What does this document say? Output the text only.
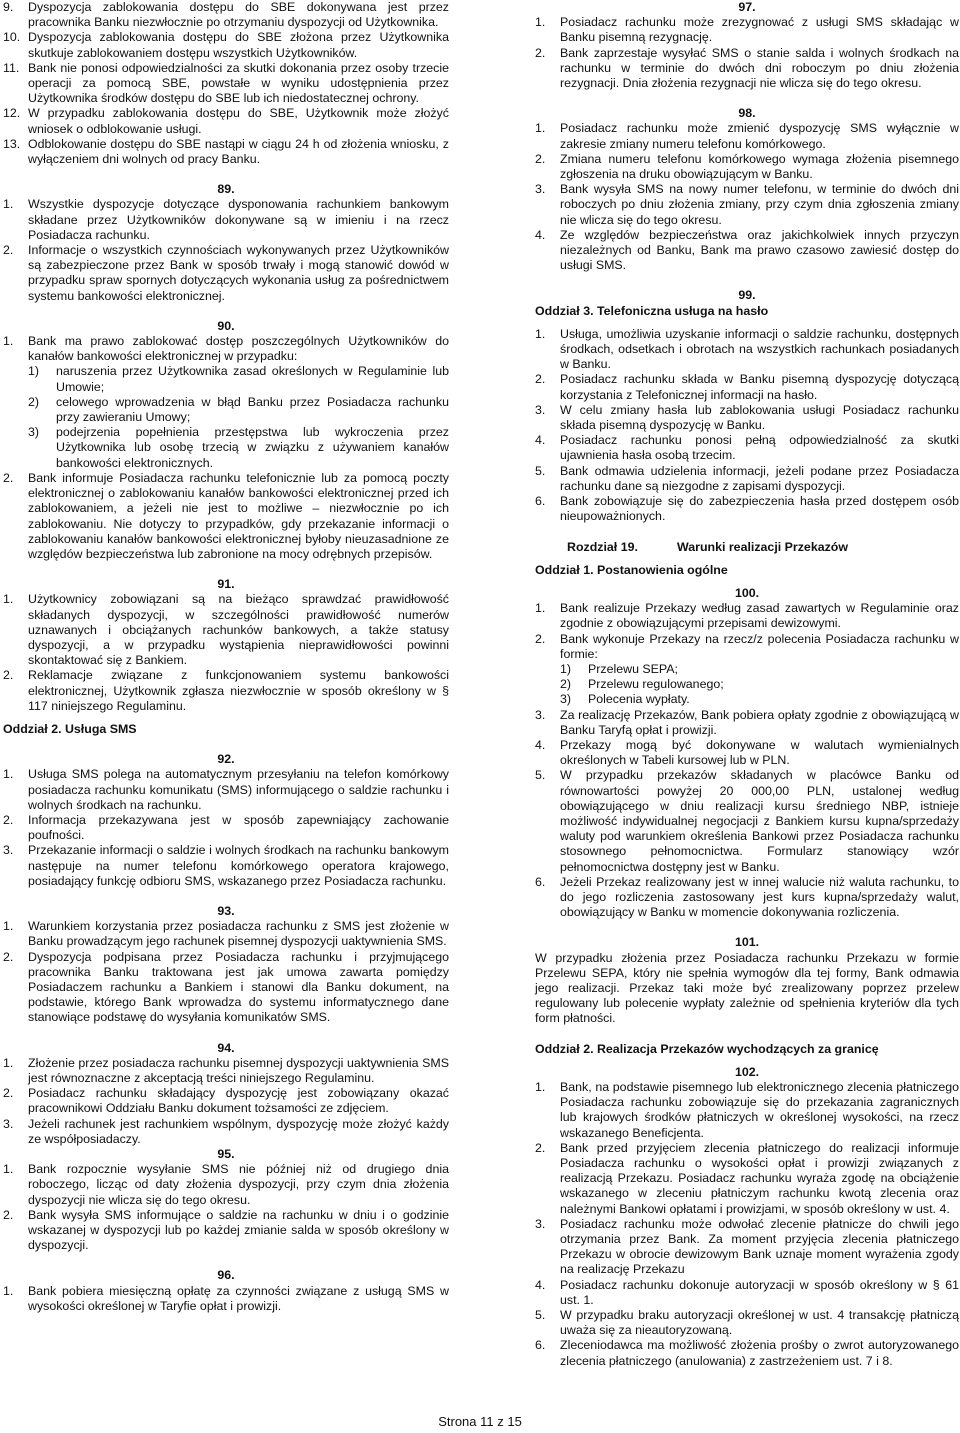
9.	Dyspozycja zablokowania dostępu do SBE dokonywana jest przez pracownika Banku niezwłocznie po otrzymaniu dyspozycji od Użytkownika.
10. Dyspozycja zablokowania dostępu do SBE złożona przez Użytkownika skutkuje zablokowaniem dostępu wszystkich Użytkowników.
11. Bank nie ponosi odpowiedzialności za skutki dokonania przez osoby trzecie operacji za pomocą SBE, powstałe w wyniku udostępnienia przez Użytkownika środków dostępu do SBE lub ich niedostatecznej ochrony.
12. W przypadku zablokowania dostępu do SBE, Użytkownik może złożyć wniosek o odblokowanie usługi.
13. Odblokowanie dostępu do SBE nastąpi w ciągu 24 h od złożenia wniosku, z wyłączeniem dni wolnych od pracy Banku.

89.

1.	Wszystkie dyspozycje dotyczące dysponowania rachunkiem bankowym składane przez Użytkowników dokonywane są w imieniu i na rzecz Posiadacza rachunku.
2.	Informacje o wszystkich czynnościach wykonywanych przez Użytkowników są zabezpieczone przez Bank w sposób trwały i mogą stanowić dowód w przypadku spraw spornych dotyczących wykonania usług za pośrednictwem systemu bankowości elektronicznej.

90.

1.	Bank ma prawo zablokować dostęp poszczególnych Użytkowników do kanałów bankowości elektronicznej w przypadku:
1)	naruszenia przez Użytkownika zasad określonych w Regulaminie lub Umowie;
2)	celowego wprowadzenia w błąd Banku przez Posiadacza rachunku przy zawieraniu Umowy;
3)	podejrzenia popełnienia przestępstwa lub wykroczenia przez Użytkownika lub osobę trzecią w związku z używaniem kanałów bankowości elektronicznych.
2.	Bank informuje Posiadacza rachunku telefonicznie lub za pomocą poczty elektronicznej o zablokowaniu kanałów bankowości elektronicznej przed ich zablokowaniem, a jeżeli nie jest to możliwe – niezwłocznie po ich zablokowaniu. Nie dotyczy to przypadków, gdy przekazanie informacji o zablokowaniu kanałów bankowości elektronicznej byłoby nieuzasadnione ze względów bezpieczeństwa lub zabronione na mocy odrębnych przepisów.

91.

1.	Użytkownicy zobowiązani są na bieżąco sprawdzać prawidłowość składanych dyspozycji, w szczególności prawidłowość numerów uznawanych i obciążanych rachunków bankowych, a także statusy dyspozycji, a w przypadku wystąpienia nieprawidłowości powinni skontaktować się z Bankiem.
2.	Reklamacje związane z funkcjonowaniem systemu bankowości elektronicznej, Użytkownik zgłasza niezwłocznie w sposób określony w § 117 niniejszego Regulaminu.

Oddział 2. Usługa SMS

92.

1.	Usługa SMS polega na automatycznym przesyłaniu na telefon komórkowy posiadacza rachunku komunikatu (SMS) informującego o saldzie rachunku i wolnych środkach na rachunku.
2.	Informacja przekazywana jest w sposób zapewniający zachowanie poufności.
3.	Przekazanie informacji o saldzie i wolnych środkach na rachunku bankowym następuje na numer telefonu komórkowego operatora krajowego, posiadający funkcję odbioru SMS, wskazanego przez Posiadacza rachunku.

93.

1.	Warunkiem korzystania przez posiadacza rachunku z SMS jest złożenie w Banku prowadzącym jego rachunek pisemnej dyspozycji uaktywnienia SMS.
2.	Dyspozycja podpisana przez Posiadacza rachunku i przyjmującego pracownika Banku traktowana jest jak umowa zawarta pomiędzy Posiadaczem rachunku a Bankiem i stanowi dla Banku dokument, na podstawie, którego Bank wprowadza do systemu informatycznego dane stanowiące podstawę do wysyłania komunikatów SMS.

94.

1.	Złożenie przez posiadacza rachunku pisemnej dyspozycji uaktywnienia SMS jest równoznaczne z akceptacją treści niniejszego Regulaminu.
2.	Posiadacz rachunku składający dyspozycję jest zobowiązany okazać pracownikowi Oddziału Banku dokument tożsamości ze zdjęciem.
3.	Jeżeli rachunek jest rachunkiem wspólnym, dyspozycję może złożyć każdy ze współposiadaczy.

95.

1.	Bank rozpocznie wysyłanie SMS nie później niż od drugiego dnia roboczego, licząc od daty złożenia dyspozycji, przy czym dnia złożenia dyspozycji nie wlicza się do tego okresu.
2.	Bank wysyła SMS informujące o saldzie na rachunku w dniu i o godzinie wskazanej w dyspozycji lub po każdej zmianie salda w sposób określony w dyspozycji.

96.

1.	Bank pobiera miesięczną opłatę za czynności związane z usługą SMS w wysokości określonej w Taryfie opłat i prowizji.

97.

1.	Posiadacz rachunku może zrezygnować z usługi SMS składając w Banku pisemną rezygnację.
2.	Bank zaprzestaje wysyłać SMS o stanie salda i wolnych środkach na rachunku w terminie do dwóch dni roboczym po dniu złożenia rezygnacji. Dnia złożenia rezygnacji nie wlicza się do tego okresu.

98.

1.	Posiadacz rachunku może zmienić dyspozycję SMS wyłącznie w zakresie zmiany numeru telefonu komórkowego.
2.	Zmiana numeru telefonu komórkowego wymaga złożenia pisemnego zgłoszenia na druku obowiązującym w Banku.
3.	Bank wysyła SMS na nowy numer telefonu, w terminie do dwóch dni roboczych po dniu złożenia zmiany, przy czym dnia zgłoszenia zmiany nie wlicza się do tego okresu.
4.	Ze względów bezpieczeństwa oraz jakichkolwiek innych przyczyn niezależnych od Banku, Bank ma prawo czasowo zawiesić dostęp do usługi SMS.

99.

Oddział 3. Telefoniczna usługa na hasło

1.	Usługa, umożliwia uzyskanie informacji o saldzie rachunku, dostępnych środkach, odsetkach i obrotach na wszystkich rachunkach posiadanych w Banku.
2.	Posiadacz rachunku składa w Banku pisemną dyspozycję dotyczącą korzystania z Telefonicznej informacji na hasło.
3.	W celu zmiany hasła lub zablokowania usługi Posiadacz rachunku składa pisemną dyspozycję w Banku.
4.	Posiadacz rachunku ponosi pełną odpowiedzialność za skutki ujawnienia hasła osobą trzecim.
5.	Bank odmawia udzielenia informacji, jeżeli podane przez Posiadacza rachunku dane są niezgodne z zapisami dyspozycji.
6.	Bank zobowiązuje się do zabezpieczenia hasła przed dostępem osób nieupoważnionych.

Rozdział 19.	Warunki realizacji Przekazów

Oddział 1. Postanowienia ogólne

100.

1.	Bank realizuje Przekazy według zasad zawartych w Regulaminie oraz zgodnie z obowiązującymi przepisami dewizowymi.
2.	Bank wykonuje Przekazy na rzecz/z polecenia Posiadacza rachunku w formie:
1)	Przelewu SEPA;
2)	Przelewu regulowanego;
3)	Polecenia wypłaty.
3.	Za realizację Przekazów, Bank pobiera opłaty zgodnie z obowiązującą w Banku Taryfą opłat i prowizji.
4.	Przekazy mogą być dokonywane w walutach wymienialnych określonych w Tabeli kursowej lub w PLN.
5.	W przypadku przekazów składanych w placówce Banku od równowartości powyżej 20 000,00 PLN, ustalonej według obowiązującego w dniu realizacji kursu średniego NBP, istnieje możliwość indywidualnej negocjacji z Bankiem kursu kupna/sprzedaży waluty pod warunkiem określenia Bankowi przez Posiadacza rachunku stosownego pełnomocnictwa. Formularz stanowiący wzór pełnomocnictwa dostępny jest w Banku.
6.	Jeżeli Przekaz realizowany jest w innej walucie niż waluta rachunku, to do jego rozliczenia zastosowany jest kurs kupna/sprzedaży walut, obowiązujący w Banku w momencie dokonywania rozliczenia.

101.

W przypadku złożenia przez Posiadacza rachunku Przekazu w formie Przelewu SEPA, który nie spełnia wymogów dla tej formy, Bank odmawia jego realizacji. Przekaz taki może być zrealizowany poprzez przelew regulowany lub polecenie wypłaty zależnie od spełnienia kryteriów dla tych form płatności.

Oddział 2. Realizacja Przekazów wychodzących za granicę

102.

1.	Bank, na podstawie pisemnego lub elektronicznego zlecenia płatniczego Posiadacza rachunku zobowiązuje się do przekazania zagranicznych lub krajowych środków płatniczych w określonej wysokości, na rzecz wskazanego Beneficjenta.
2.	Bank przed przyjęciem zlecenia płatniczego do realizacji informuje Posiadacza rachunku o wysokości opłat i prowizji związanych z realizacją Przekazu. Posiadacz rachunku wyraża zgodę na obciążenie wskazanego w zleceniu płatniczym rachunku kwotą zlecenia oraz należnymi Bankowi opłatami i prowizjami, w sposób określony w ust. 4.
3.	Posiadacz rachunku może odwołać zlecenie płatnicze do chwili jego otrzymania przez Bank. Za moment przyjęcia zlecenia płatniczego Przekazu w obrocie dewizowym Bank uznaje moment wyrażenia zgody na realizację Przekazu
4.	Posiadacz rachunku dokonuje autoryzacji w sposób określony w § 61 ust. 1.
5.	W przypadku braku autoryzacji określonej w ust. 4 transakcję płatniczą uważa się za nieautoryzowaną.
6.	Zleceniodawca ma możliwość złożenia prośby o zwrot autoryzowanego zlecenia płatniczego (anulowania) z zastrzeżeniem ust. 7 i 8.
Strona 11 z 15
